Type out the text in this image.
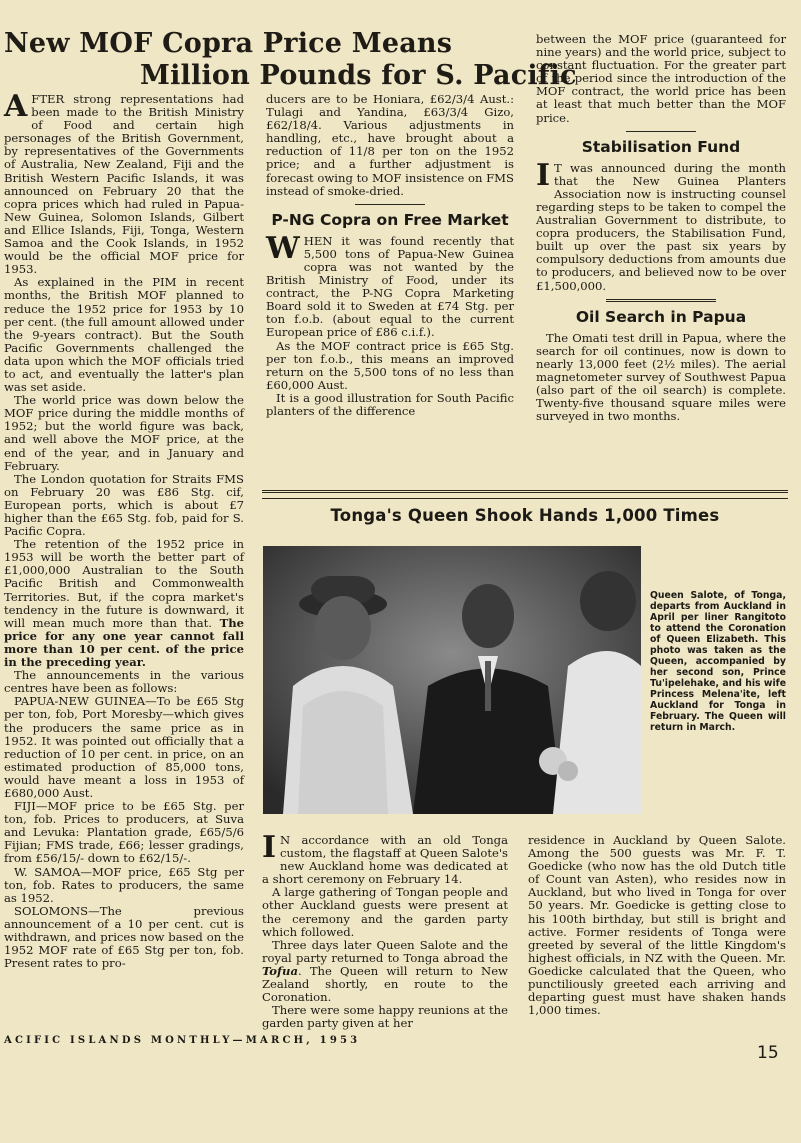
New MOF Copra Price Means
Million Pounds for S. Pacific

AFTER strong representations had been made to the British Ministry of Food and certain high personages of the British Government, by representatives of the Governments of Australia, New Zealand, Fiji and the British Western Pacific Islands, it was announced on February 20 that the copra prices which had ruled in Papua-New Guinea, Solomon Islands, Gilbert and Ellice Islands, Fiji, Tonga, Western Samoa and the Cook Islands, in 1952 would be the official MOF price for 1953.

As explained in the PIM in recent months, the British MOF planned to reduce the 1952 price for 1953 by 10 per cent. (the full amount allowed under the 9-years contract). But the South Pacific Governments challenged the data upon which the MOF officials tried to act, and eventually the latter's plan was set aside.

The world price was down below the MOF price during the middle months of 1952; but the world figure was back, and well above the MOF price, at the end of the year, and in January and February.

The London quotation for Straits FMS on February 20 was £86 Stg. cif, European ports, which is about £7 higher than the £65 Stg. fob, paid for S. Pacific Copra.

The retention of the 1952 price in 1953 will be worth the better part of £1,000,000 Australian to the South Pacific British and Commonwealth Territories. But, if the copra market's tendency in the future is downward, it will mean much more than that. The price for any one year cannot fall more than 10 per cent. of the price in the preceding year.

The announcements in the various centres have been as follows:

PAPUA-NEW GUINEA—To be £65 Stg per ton, fob, Port Moresby—which gives the producers the same price as in 1952. It was pointed out officially that a reduction of 10 per cent. in price, on an estimated production of 85,000 tons, would have meant a loss in 1953 of £680,000 Aust.

FIJI—MOF price to be £65 Stg. per ton, fob. Prices to producers, at Suva and Levuka: Plantation grade, £65/5/6 Fijian; FMS trade, £66; lesser gradings, from £56/15/- down to £62/15/-.

W. SAMOA—MOF price, £65 Stg per ton, fob. Rates to producers, the same as 1952.

SOLOMONS—The previous announcement of a 10 per cent. cut is withdrawn, and prices now based on the 1952 MOF rate of £65 Stg per ton, fob. Present rates to pro-

ducers are to be Honiara, £62/3/4 Aust.: Tulagi and Yandina, £63/3/4 Gizo, £62/18/4. Various adjustments in handling, etc., have brought about a reduction of 11/8 per ton on the 1952 price; and a further adjustment is forecast owing to MOF insistence on FMS instead of smoke-dried.

P-NG Copra on Free Market

WHEN it was found recently that 5,500 tons of Papua-New Guinea copra was not wanted by the British Ministry of Food, under its contract, the P-NG Copra Marketing Board sold it to Sweden at £74 Stg. per ton f.o.b. (about equal to the current European price of £86 c.i.f.).

As the MOF contract price is £65 Stg. per ton f.o.b., this means an improved return on the 5,500 tons of no less than £60,000 Aust.

It is a good illustration for South Pacific planters of the difference

between the MOF price (guaranteed for nine years) and the world price, subject to constant fluctuation. For the greater part of the period since the introduction of the MOF contract, the world price has been at least that much better than the MOF price.

Stabilisation Fund

I T was announced during the month that the New Guinea Planters Association now is instructing counsel regarding steps to be taken to compel the Australian Government to distribute, to copra producers, the Stabilisation Fund, built up over the past six years by compulsory deductions from amounts due to producers, and believed now to be over £1,500,000.

Oil Search in Papua

The Omati test drill in Papua, where the search for oil continues, now is down to nearly 13,000 feet (2½ miles). The aerial magnetometer survey of Southwest Papua (also part of the oil search) is complete. Twenty-five thousand square miles were surveyed in two months.

Tonga's Queen Shook Hands 1,000 Times
Queen Salote, of Tonga, departs from Auckland in April per liner Rangitoto to attend the Coronation of Queen Elizabeth. This photo was taken as the Queen, accompanied by her second son, Prince Tu'ipelehake, and his wife Princess Melena'ite, left Auckland for Tonga in February. The Queen will return in March.

I N accordance with an old Tonga custom, the flagstaff at Queen Salote's new Auckland home was dedicated at a short ceremony on February 14.

A large gathering of Tongan people and other Auckland guests were present at the ceremony and the garden party which followed.

Three days later Queen Salote and the royal party returned to Tonga abroad the Tofua. The Queen will return to New Zealand shortly, en route to the Coronation.

There were some happy reunions at the garden party given at her

residence in Auckland by Queen Salote. Among the 500 guests was Mr. F. T. Goedicke (who now has the old Dutch title of Count van Asten), who resides now in Auckland, but who lived in Tonga for over 50 years. Mr. Goedicke is getting close to his 100th birthday, but still is bright and active. Former residents of Tonga were greeted by several of the little Kingdom's highest officials, in NZ with the Queen. Mr. Goedicke calculated that the Queen, who punctiliously greeted each arriving and departing guest must have shaken hands 1,000 times.

ACIFIC ISLANDS MONTHLY—MARCH, 1953
15
